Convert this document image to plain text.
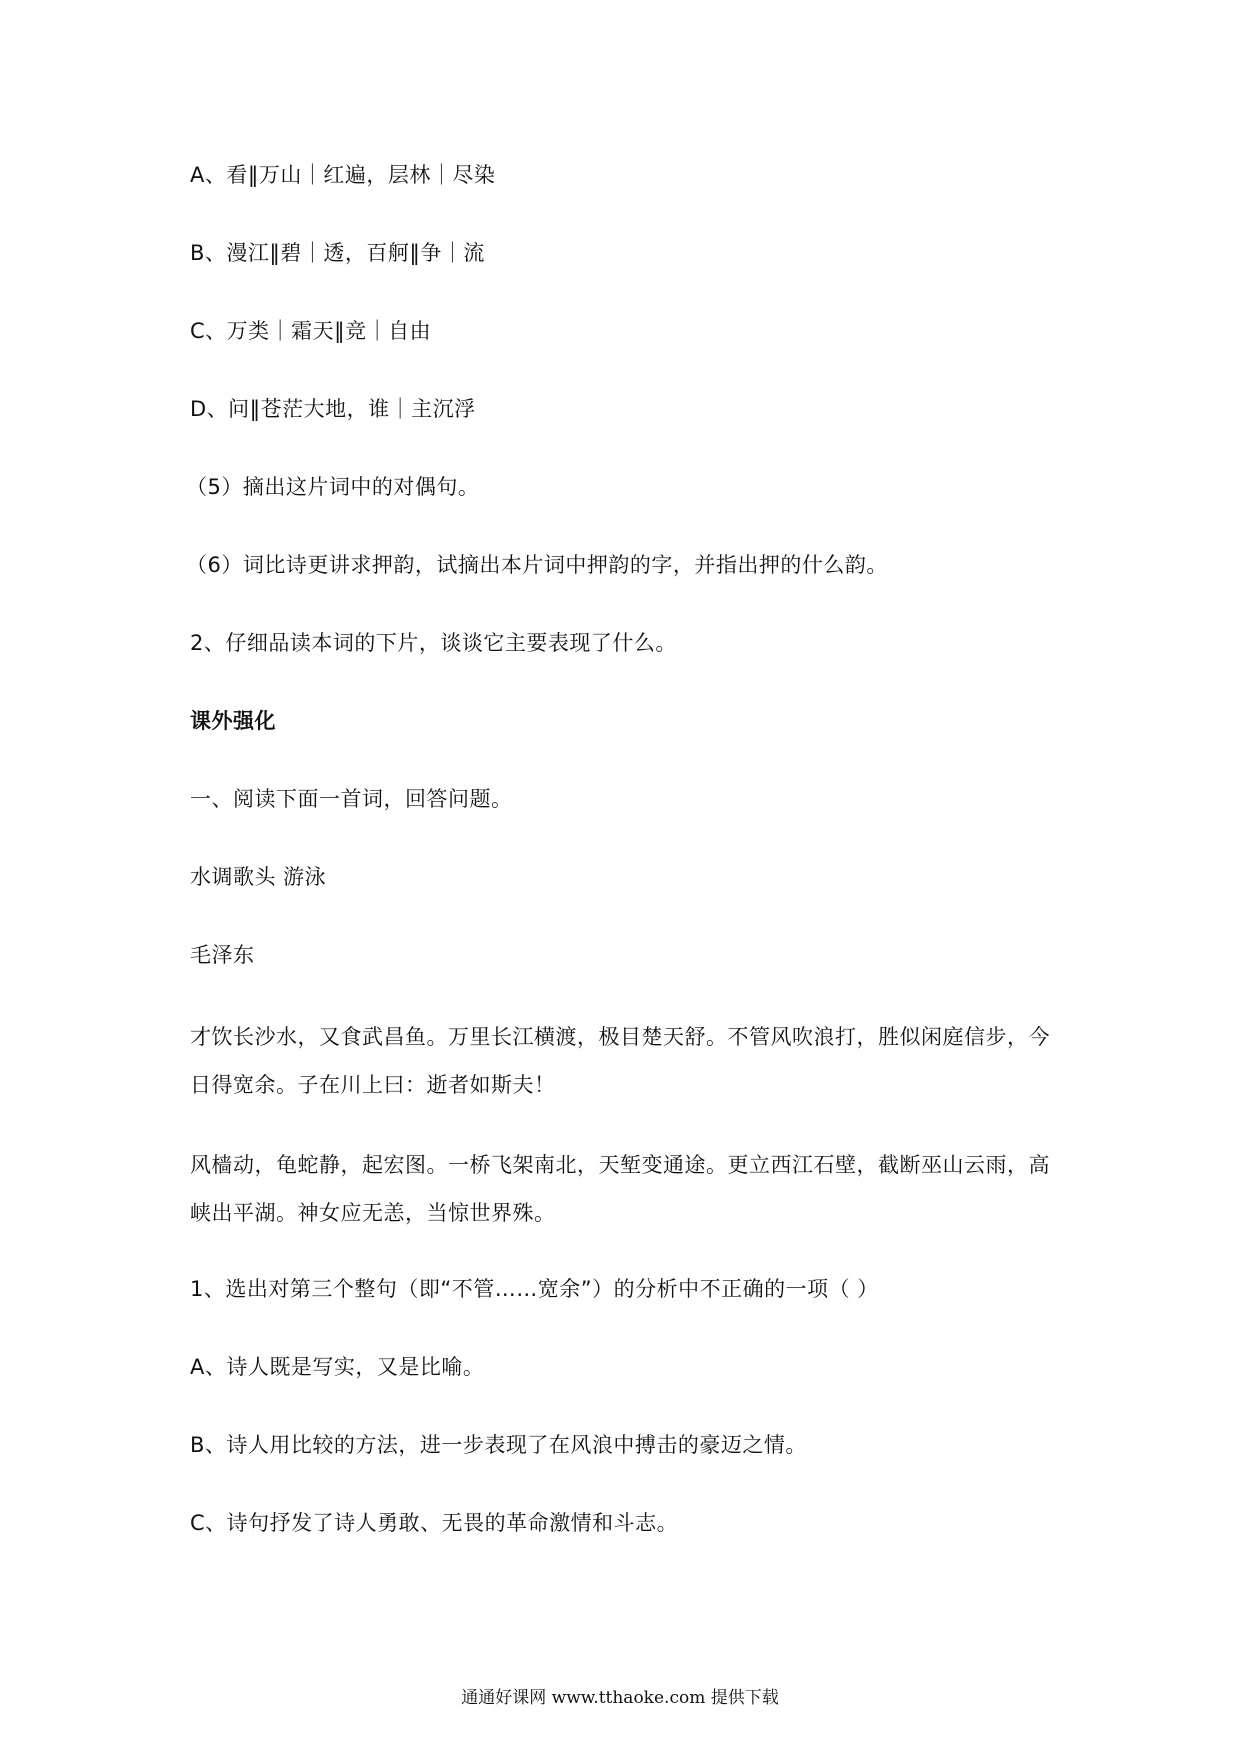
A、看‖万山｜红遍，层林｜尽染
B、漫江‖碧｜透，百舸‖争｜流
C、万类｜霜天‖竞｜自由
D、问‖苍茫大地，谁｜主沉浮
（5）摘出这片词中的对偶句。
（6）词比诗更讲求押韵，试摘出本片词中押韵的字，并指出押的什么韵。
2、仔细品读本词的下片，谈谈它主要表现了什么。
课外强化
一、阅读下面一首词，回答问题。
水调歌头 游泳
毛泽东
才饮长沙水，又食武昌鱼。万里长江横渡，极目楚天舒。不管风吹浪打，胜似闲庭信步，今日得宽余。子在川上曰：逝者如斯夫！
风樯动，龟蛇静，起宏图。一桥飞架南北，天堑变通途。更立西江石壁，截断巫山云雨，高峡出平湖。神女应无恙，当惊世界殊。
1、选出对第三个整句（即“不管……宽余”）的分析中不正确的一项（ ）
A、诗人既是写实，又是比喻。
B、诗人用比较的方法，进一步表现了在风浪中搏击的豪迈之情。
C、诗句抒发了诗人勇敢、无畏的革命激情和斗志。
通通好课网 www.tthaoke.com 提供下载
